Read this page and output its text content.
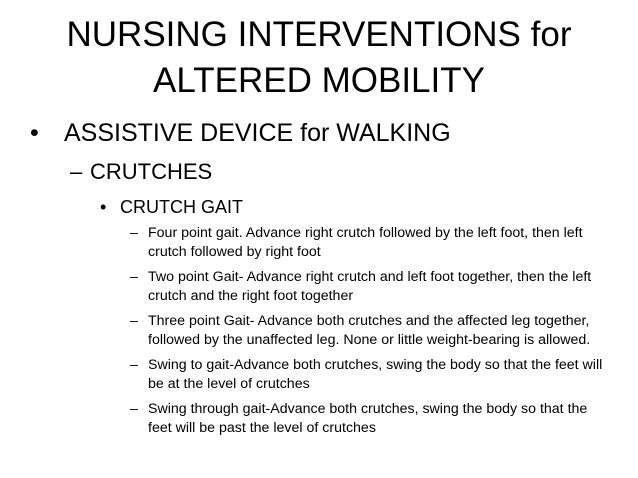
NURSING INTERVENTIONS for
ALTERED MOBILITY
•	ASSISTIVE DEVICE for WALKING
– CRUTCHES
• CRUTCH GAIT
– Four point gait. Advance right crutch followed by the left foot, then left crutch followed by right foot
– Two point Gait- Advance right crutch and left foot together, then the left crutch and the right foot together
– Three point Gait- Advance both crutches and the affected leg together, followed by the unaffected leg. None or little weight-bearing is allowed.
– Swing to gait-Advance both crutches, swing the body so that the feet will be at the level of crutches
– Swing through gait-Advance both crutches, swing the body so that the feet will be past the level of crutches
